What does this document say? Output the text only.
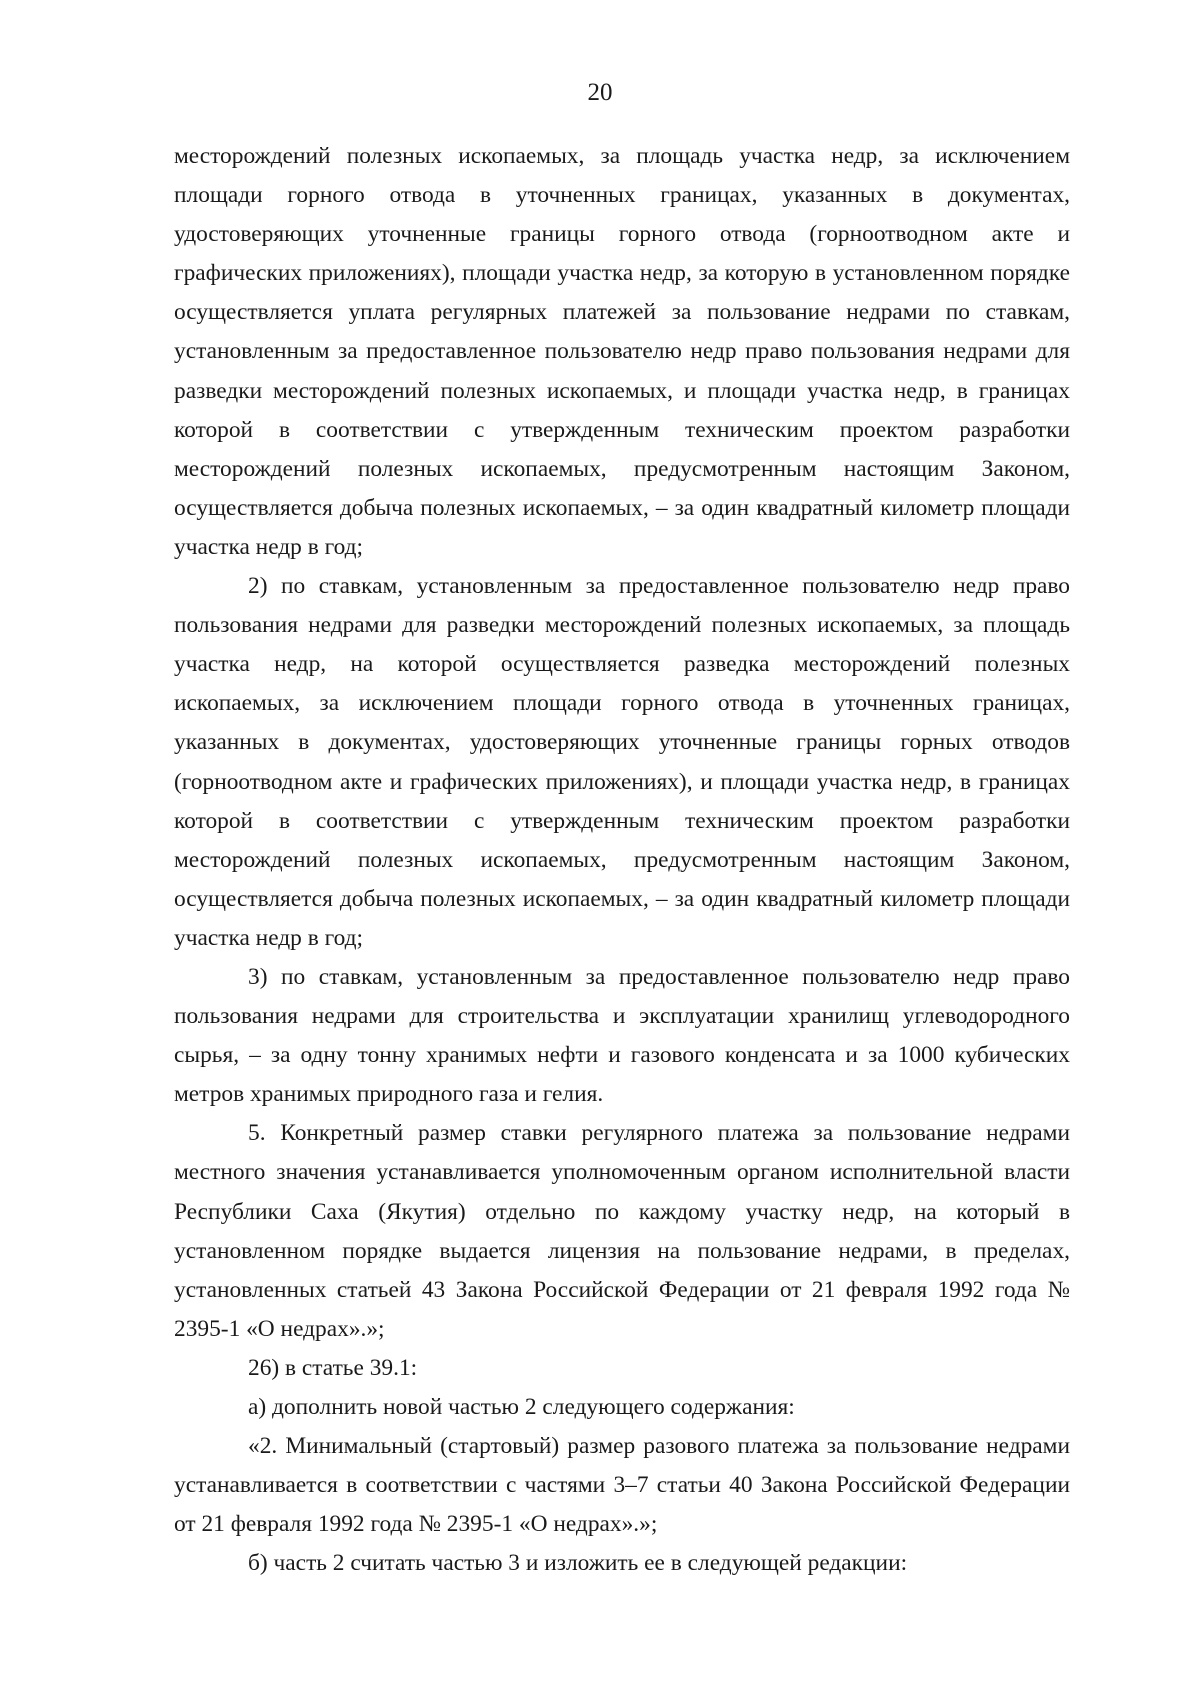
20

месторождений полезных ископаемых, за площадь участка недр, за исключением площади горного отвода в уточненных границах, указанных в документах, удостоверяющих уточненные границы горного отвода (горноотводном акте и графических приложениях), площади участка недр, за которую в установленном порядке осуществляется уплата регулярных платежей за пользование недрами по ставкам, установленным за предоставленное пользователю недр право пользования недрами для разведки месторождений полезных ископаемых, и площади участка недр, в границах которой в соответствии с утвержденным техническим проектом разработки месторождений полезных ископаемых, предусмотренным настоящим Законом, осуществляется добыча полезных ископаемых, – за один квадратный километр площади участка недр в год;

2) по ставкам, установленным за предоставленное пользователю недр право пользования недрами для разведки месторождений полезных ископаемых, за площадь участка недр, на которой осуществляется разведка месторождений полезных ископаемых, за исключением площади горного отвода в уточненных границах, указанных в документах, удостоверяющих уточненные границы горных отводов (горноотводном акте и графических приложениях), и площади участка недр, в границах которой в соответствии с утвержденным техническим проектом разработки месторождений полезных ископаемых, предусмотренным настоящим Законом, осуществляется добыча полезных ископаемых, – за один квадратный километр площади участка недр в год;

3) по ставкам, установленным за предоставленное пользователю недр право пользования недрами для строительства и эксплуатации хранилищ углеводородного сырья, – за одну тонну хранимых нефти и газового конденсата и за 1000 кубических метров хранимых природного газа и гелия.

5. Конкретный размер ставки регулярного платежа за пользование недрами местного значения устанавливается уполномоченным органом исполнительной власти Республики Саха (Якутия) отдельно по каждому участку недр, на который в установленном порядке выдается лицензия на пользование недрами, в пределах, установленных статьей 43 Закона Российской Федерации от 21 февраля 1992 года № 2395-1 «О недрах».»;

26) в статье 39.1:

а) дополнить новой частью 2 следующего содержания:

«2. Минимальный (стартовый) размер разового платежа за пользование недрами устанавливается в соответствии с частями 3–7 статьи 40 Закона Российской Федерации от 21 февраля 1992 года № 2395-1 «О недрах».»;

б) часть 2 считать частью 3 и изложить ее в следующей редакции:
